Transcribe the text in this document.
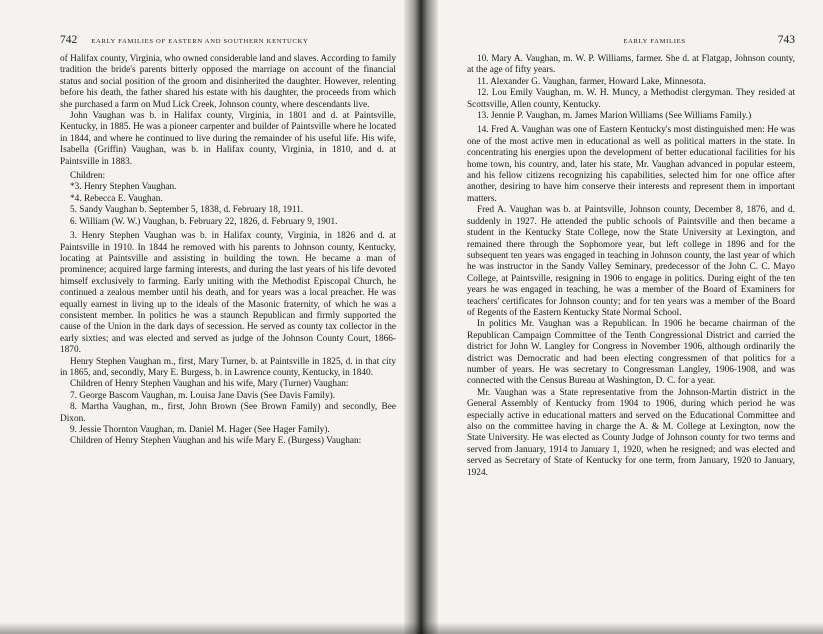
742 EARLY FAMILIES OF EASTERN AND SOUTHERN KENTUCKY

of Halifax county, Virginia, who owned considerable land and slaves. According to family tradition the bride's parents bitterly opposed the marriage on account of the financial status and social position of the groom and disinherited the daughter. However, relenting before his death, the father shared his estate with his daughter, the proceeds from which she purchased a farm on Mud Lick Creek, Johnson county, where descendants live.

John Vaughan was b. in Halifax county, Virginia, in 1801 and d. at Paintsville, Kentucky, in 1885. He was a pioneer carpenter and builder of Paintsville where he located in 1844, and where he continued to live during the remainder of his useful life. His wife, Isabella (Griffin) Vaughan, was b. in Halifax county, Virginia, in 1810, and d. at Paintsville in 1883.

Children:

*3. Henry Stephen Vaughan.

*4. Rebecca E. Vaughan.

5. Sandy Vaughan b. September 5, 1838, d. February 18, 1911.

6. William (W. W.) Vaughan, b. February 22, 1826, d. February 9, 1901.

3. Henry Stephen Vaughan was b. in Halifax county, Virginia, in 1826 and d. at Paintsville in 1910. In 1844 he removed with his parents to Johnson county, Kentucky, locating at Paintsville and assisting in building the town. He became a man of prominence; acquired large farming interests, and during the last years of his life devoted himself exclusively to farming. Early uniting with the Methodist Episcopal Church, he continued a zealous member until his death, and for years was a local preacher. He was equally earnest in living up to the ideals of the Masonic fraternity, of which he was a consistent member. In politics he was a staunch Republican and firmly supported the cause of the Union in the dark days of secession. He served as county tax collector in the early sixties; and was elected and served as judge of the Johnson County Court, 1866-1870.

Henry Stephen Vaughan m., first, Mary Turner, b. at Paintsville in 1825, d. in that city in 1865, and, secondly, Mary E. Burgess, b. in Lawrence county, Kentucky, in 1840.

Children of Henry Stephen Vaughan and his wife, Mary (Turner) Vaughan:

7. George Bascom Vaughan, m. Louisa Jane Davis (See Davis Family).

8. Martha Vaughan, m., first, John Brown (See Brown Family) and secondly, Bee Dixon.

9. Jessie Thornton Vaughan, m. Daniel M. Hager (See Hager Family).

Children of Henry Stephen Vaughan and his wife Mary E. (Burgess) Vaughan:

EARLY FAMILIES	743

10. Mary A. Vaughan, m. W. P. Williams, farmer. She d. at Flatgap, Johnson county, at the age of fifty years.

11. Alexander G. Vaughan, farmer, Howard Lake, Minnesota.

12. Lou Emily Vaughan, m. W. H. Muncy, a Methodist clergyman. They resided at Scottsville, Allen county, Kentucky.

13. Jennie P. Vaughan, m. James Marion Williams (See Williams Family.)

14. Fred A. Vaughan was one of Eastern Kentucky's most distinguished men: He was one of the most active men in educational as well as political matters in the state. In concentrating his energies upon the development of better educational facilities for his home town, his country, and, later his state, Mr. Vaughan advanced in popular esteem, and his fellow citizens recognizing his capabilities, selected him for one office after another, desiring to have him conserve their interests and represent them in important matters.

Fred A. Vaughan was b. at Paintsville, Johnson county, December 8, 1876, and d. suddenly in 1927. He attended the public schools of Paintsville and then became a student in the Kentucky State College, now the State University at Lexington, and remained there through the Sophomore year, but left college in 1896 and for the subsequent ten years was engaged in teaching in Johnson county, the last year of which he was instructor in the Sandy Valley Seminary, predecessor of the John C. C. Mayo College, at Paintsville, resigning in 1906 to engage in politics. During eight of the ten years he was engaged in teaching, he was a member of the Board of Examiners for teachers' certificates for Johnson county; and for ten years was a member of the Board of Regents of the Eastern Kentucky State Normal School.

In politics Mr. Vaughan was a Republican. In 1906 he became chairman of the Republican Campaign Committee of the Tenth Congressional District and carried the district for John W. Langley for Congress in November 1906, although ordinarily the district was Democratic and had been electing congressmen of that politics for a number of years. He was secretary to Congressman Langley, 1906-1908, and was connected with the Census Bureau at Washington, D. C. for a year.

Mr. Vaughan was a State representative from the Johnson-Martin district in the General Assembly of Kentucky from 1904 to 1906, during which period he was especially active in educational matters and served on the Educational Committee and also on the committee having in charge the A. & M. College at Lexington, now the State University. He was elected as County Judge of Johnson county for two terms and served from January, 1914 to January 1, 1920, when he resigned; and was elected and served as Secretary of State of Kentucky for one term, from January, 1920 to January, 1924.
